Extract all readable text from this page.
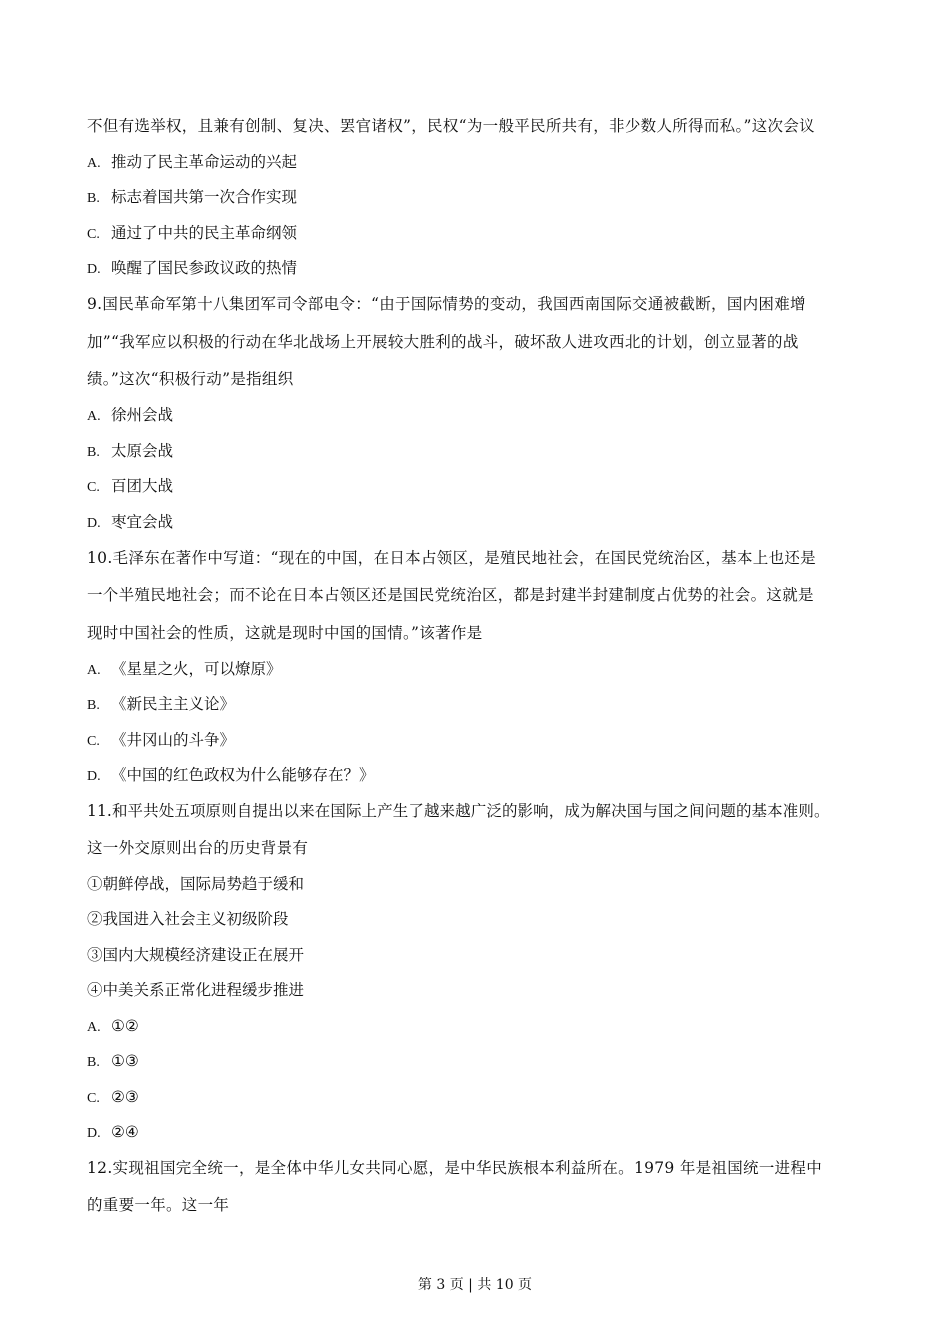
不但有选举权，且兼有创制、复决、罢官诸权”，民权“为一般平民所共有，非少数人所得而私。”这次会议
A. 推动了民主革命运动的兴起
B. 标志着国共第一次合作实现
C. 通过了中共的民主革命纲领
D. 唤醒了国民参政议政的热情
9.国民革命军第十八集团军司令部电令：“由于国际情势的变动，我国西南国际交通被截断，国内困难增
加”“我军应以积极的行动在华北战场上开展较大胜利的战斗，破坏敌人进攻西北的计划，创立显著的战
绩。”这次“积极行动”是指组织
A. 徐州会战
B. 太原会战
C. 百团大战
D. 枣宜会战
10.毛泽东在著作中写道：“现在的中国，在日本占领区，是殖民地社会，在国民党统治区，基本上也还是
一个半殖民地社会；而不论在日本占领区还是国民党统治区，都是封建半封建制度占优势的社会。这就是
现时中国社会的性质，这就是现时中国的国情。”该著作是
A. 《星星之火，可以燎原》
B. 《新民主主义论》
C. 《井冈山的斗争》
D. 《中国的红色政权为什么能够存在？》
11.和平共处五项原则自提出以来在国际上产生了越来越广泛的影响，成为解决国与国之间问题的基本准则。
这一外交原则出台的历史背景有
①朝鲜停战，国际局势趋于缓和
②我国进入社会主义初级阶段
③国内大规模经济建设正在展开
④中美关系正常化进程缓步推进
A. ①②
B. ①③
C. ②③
D. ②④
12.实现祖国完全统一，是全体中华儿女共同心愿，是中华民族根本利益所在。1979 年是祖国统一进程中
的重要一年。这一年
第 3 页 | 共 10 页
